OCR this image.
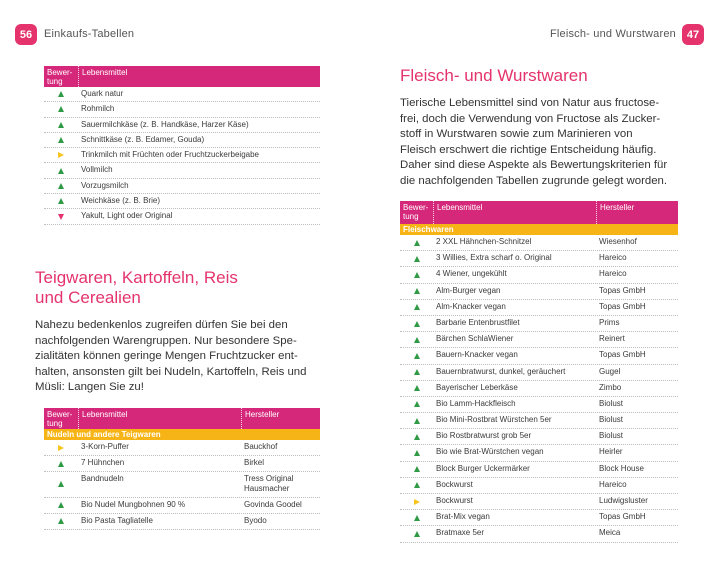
56	Einkaufs-Tabellen
Bewer-
tung
Lebensmittel
Quark natur
Rohmilch
Sauermilchkäse (z. B. Handkäse, Harzer Käse)
Schnittkäse (z. B. Edamer, Gouda)
Trinkmilch mit Früchten oder Fruchtzuckerbeigabe
Vollmilch
Vorzugsmilch
Weichkäse (z. B. Brie)
Yakult, Light oder Original
Teigwaren, Kartoffeln, Reis
und Cerealien
Nahezu bedenkenlos zugreifen dürfen Sie bei den
nachfolgenden Warengruppen. Nur besondere Spe-
zialitäten können geringe Mengen Fruchtzucker ent-
halten, ansonsten gilt bei Nudeln, Kartoffeln, Reis und
Müsli: Langen Sie zu!
Bewer-
tung
Lebensmittel	Hersteller
Nudeln und andere Teigwaren
3-Korn-Puffer	Bauckhof
7 Hühnchen	Birkel
Bandnudeln	Tress Original
Hausmacher
Bio Nudel Mungbohnen 90 %	Govinda Goodel
Bio Pasta Tagliatelle	Byodo
Fleisch- und Wurstwaren 47
Fleisch- und Wurstwaren
Tierische Lebensmittel sind von Natur aus fructose-
frei, doch die Verwendung von Fructose als Zucker-
stoff in Wurstwaren sowie zum Marinieren von
Fleisch erschwert die richtige Entscheidung häufig.
Daher sind diese Aspekte als Bewertungskriterien für
die nachfolgenden Tabellen zugrunde gelegt worden.
Bewer-
tung
Lebensmittel	Hersteller
Fleischwaren
2 XXL Hähnchen-Schnitzel	Wiesenhof
3 Willies, Extra scharf o. Original	Hareico
4 Wiener, ungekühlt	Hareico
Alm-Burger vegan	Topas GmbH
Alm-Knacker vegan	Topas GmbH
Barbarie Entenbrustfilet	Prims
Bärchen SchlaWiener	Reinert
Bauern-Knacker vegan	Topas GmbH
Bauernbratwurst, dunkel, geräuchert	Gugel
Bayerischer Leberkäse	Zimbo
Bio Lamm-Hackfleisch	Biolust
Bio Mini-Rostbrat Würstchen 5er	Biolust
Bio Rostbratwurst grob 5er	Biolust
Bio wie Brat-Würstchen vegan	Heirler
Block Burger Uckermärker	Block House
Bockwurst	Hareico
Bockwurst	Ludwigsluster
Brat-Mix vegan	Topas GmbH
Bratmaxe 5er	Meica
